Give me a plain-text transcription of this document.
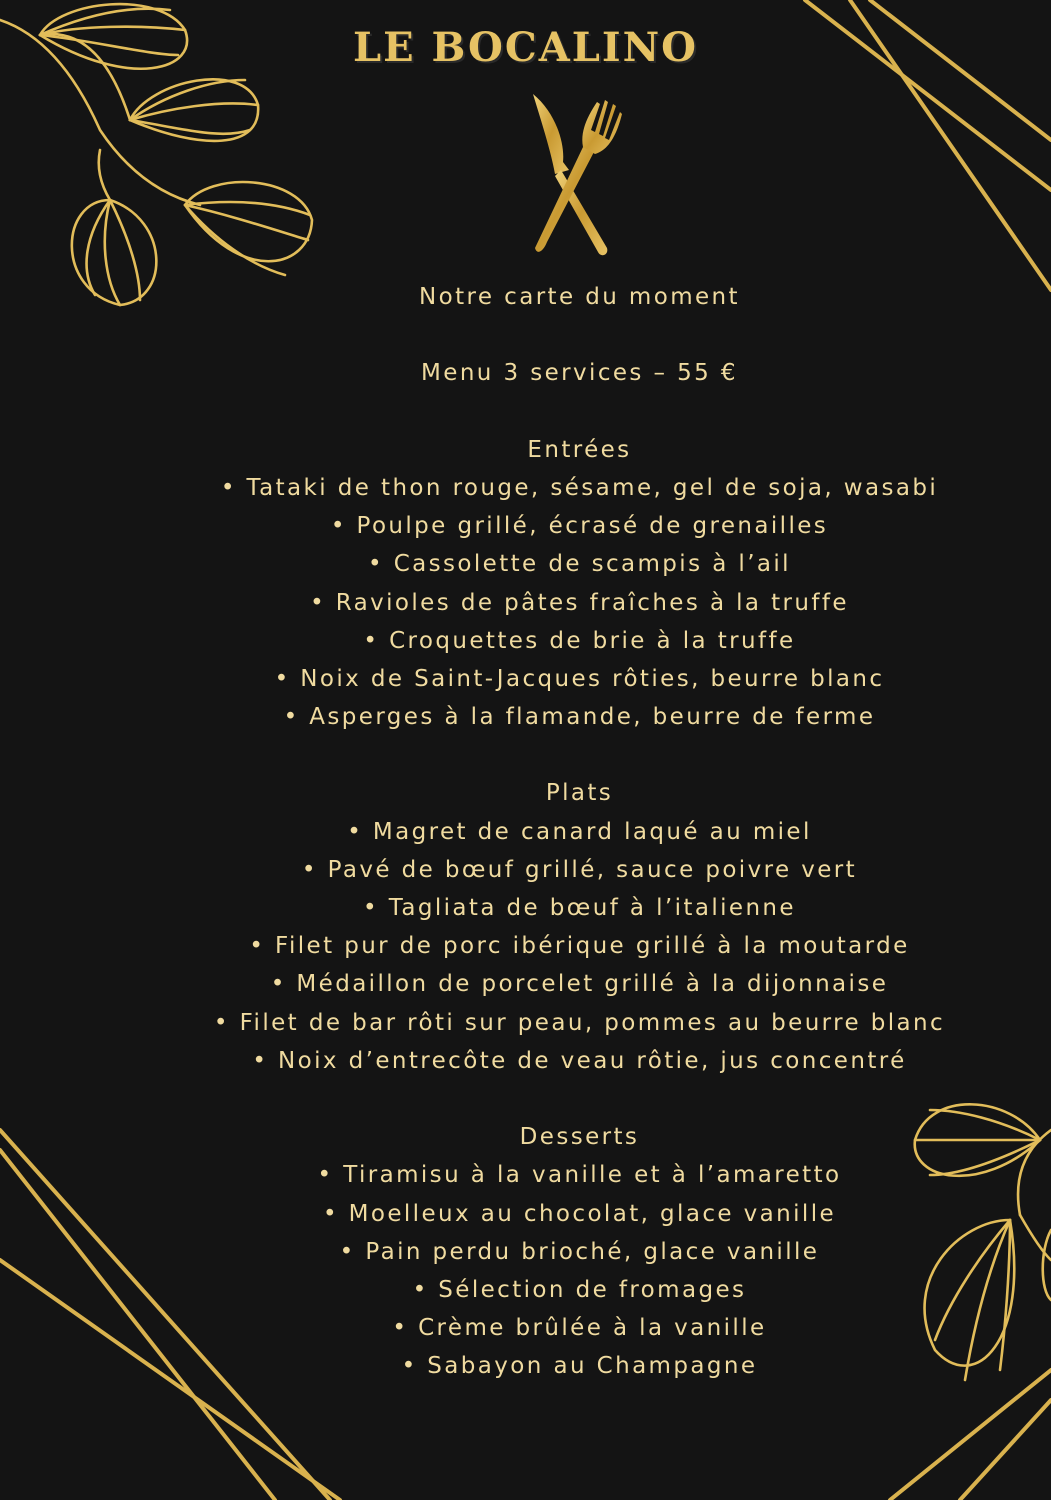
LE BOCALINO
Notre carte du moment
Menu 3 services – 55 €
Entrées
• Tataki de thon rouge, sésame, gel de soja, wasabi
• Poulpe grillé, écrasé de grenailles
• Cassolette de scampis à l’ail
• Ravioles de pâtes fraîches à la truffe
• Croquettes de brie à la truffe
• Noix de Saint-Jacques rôties, beurre blanc
• Asperges à la flamande, beurre de ferme
Plats
• Magret de canard laqué au miel
• Pavé de bœuf grillé, sauce poivre vert
• Tagliata de bœuf à l’italienne
• Filet pur de porc ibérique grillé à la moutarde
• Médaillon de porcelet grillé à la dijonnaise
• Filet de bar rôti sur peau, pommes au beurre blanc
• Noix d’entrecôte de veau rôtie, jus concentré
Desserts
• Tiramisu à la vanille et à l’amaretto
• Moelleux au chocolat, glace vanille
• Pain perdu brioché, glace vanille
• Sélection de fromages
• Crème brûlée à la vanille
• Sabayon au Champagne
